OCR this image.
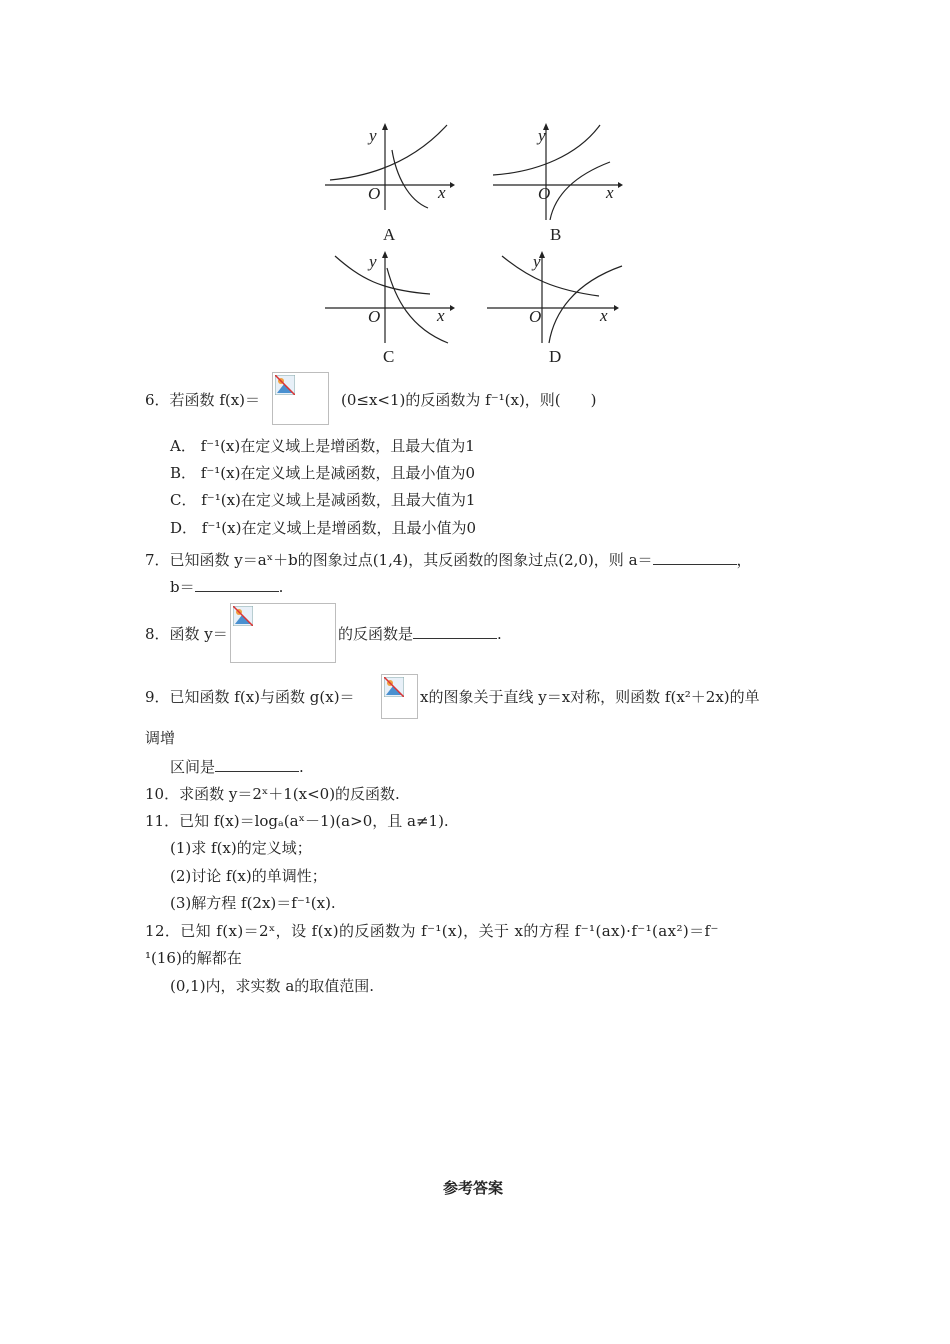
y
x
O
A
y
x
O
B
y
x
O
C
y
x
O
D
6．若函数 f(x)＝	(0≤x<1)的反函数为 f⁻¹(x)，则(　　)
A． f⁻¹(x)在定义域上是增函数，且最大值为1
B． f⁻¹(x)在定义域上是减函数，且最小值为0
C． f⁻¹(x)在定义域上是减函数，且最大值为1
D． f⁻¹(x)在定义域上是增函数，且最小值为0
7．已知函数 y＝aˣ＋b的图象过点(1,4)，其反函数的图象过点(2,0)，则 a＝	，
b＝	.
8．函数 y＝	的反函数是	.
9．已知函数 f(x)与函数 g(x)＝	x的图象关于直线 y＝x对称，则函数 f(x²＋2x)的单
调增
区间是	.
10．求函数 y＝2ˣ＋1(x<0)的反函数.
11．已知 f(x)＝logₐ(aˣ－1)(a>0，且 a≠1).
(1)求 f(x)的定义域；
(2)讨论 f(x)的单调性；
(3)解方程 f(2x)＝f⁻¹(x).
12．已知 f(x)＝2ˣ，设 f(x)的反函数为 f⁻¹(x)，关于 x的方程 f⁻¹(ax)·f⁻¹(ax²)＝f⁻
¹(16)的解都在
(0,1)内，求实数 a的取值范围.
参考答案
